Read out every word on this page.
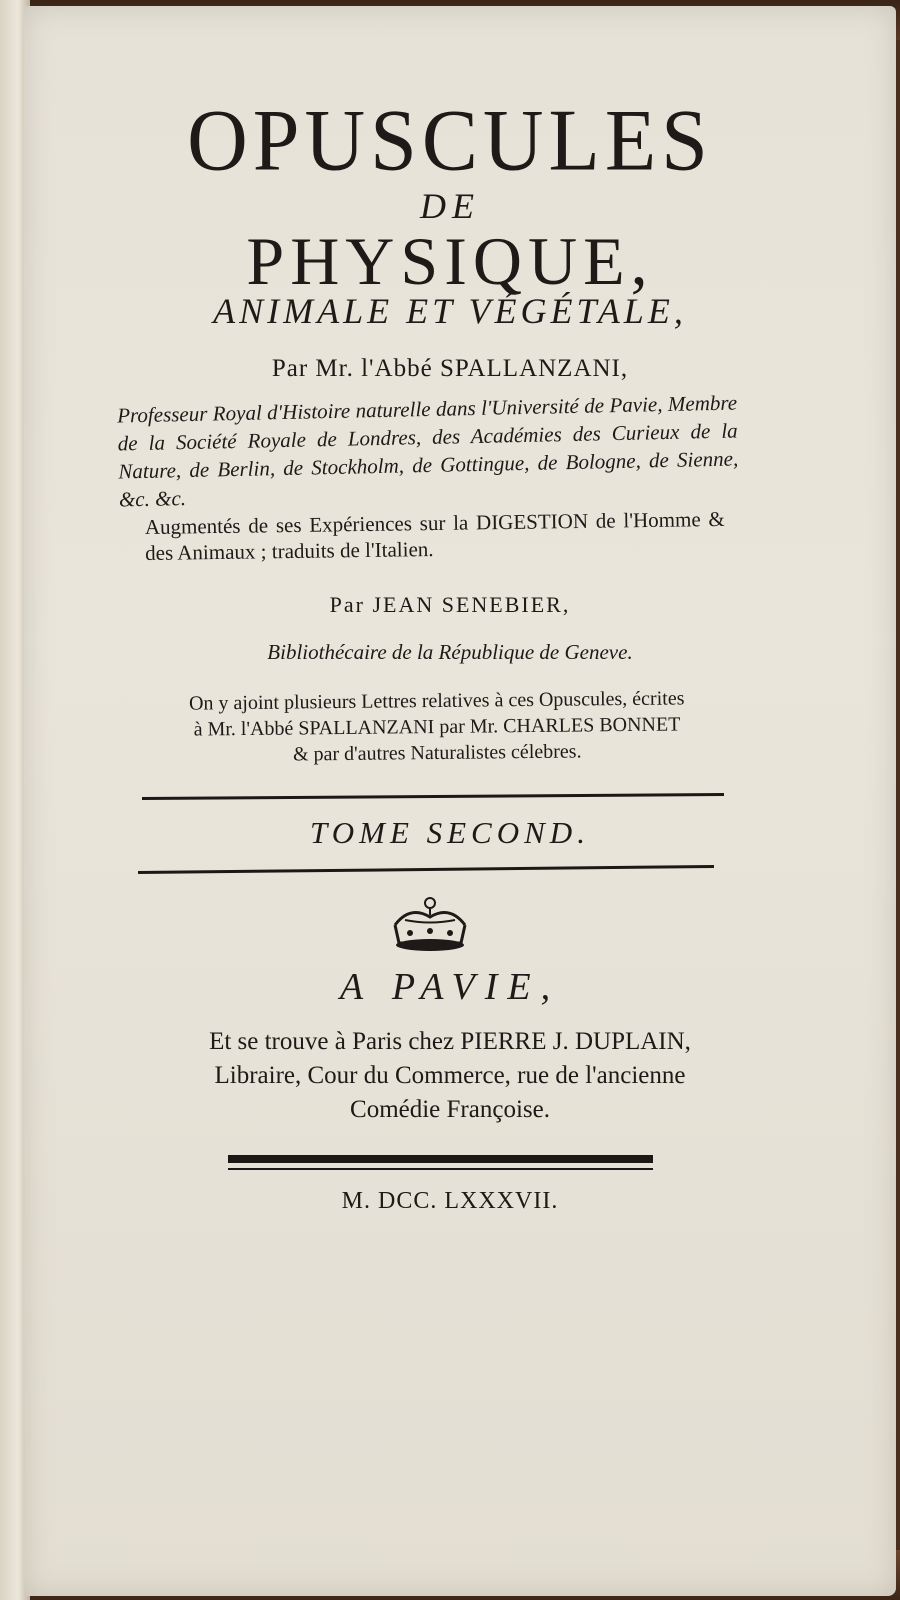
OPUSCULES
DE
PHYSIQUE,
ANIMALE ET VÉGÉTALE,
Par Mr. l'Abbé SPALLANZANI,
Professeur Royal d'Histoire naturelle dans l'Université de Pavie, Membre de la Société Royale de Londres, des Académies des Curieux de la Nature, de Berlin, de Stockholm, de Gottingue, de Bologne, de Sienne, &c. &c.
Augmentés de ses Expériences sur la DIGESTION de l'Homme & des Animaux ; traduits de l'Italien.
Par JEAN SENEBIER,
Bibliothécaire de la République de Geneve.
On y ajoint plusieurs Lettres relatives à ces Opuscules, écrites
à Mr. l'Abbé SPALLANZANI par Mr. CHARLES BONNET
& par d'autres Naturalistes célebres.
TOME SECOND.
A PAVIE,
Et se trouve à Paris chez PIERRE J. DUPLAIN,
Libraire, Cour du Commerce, rue de l'ancienne
Comédie Françoise.
M. DCC. LXXXVII.
